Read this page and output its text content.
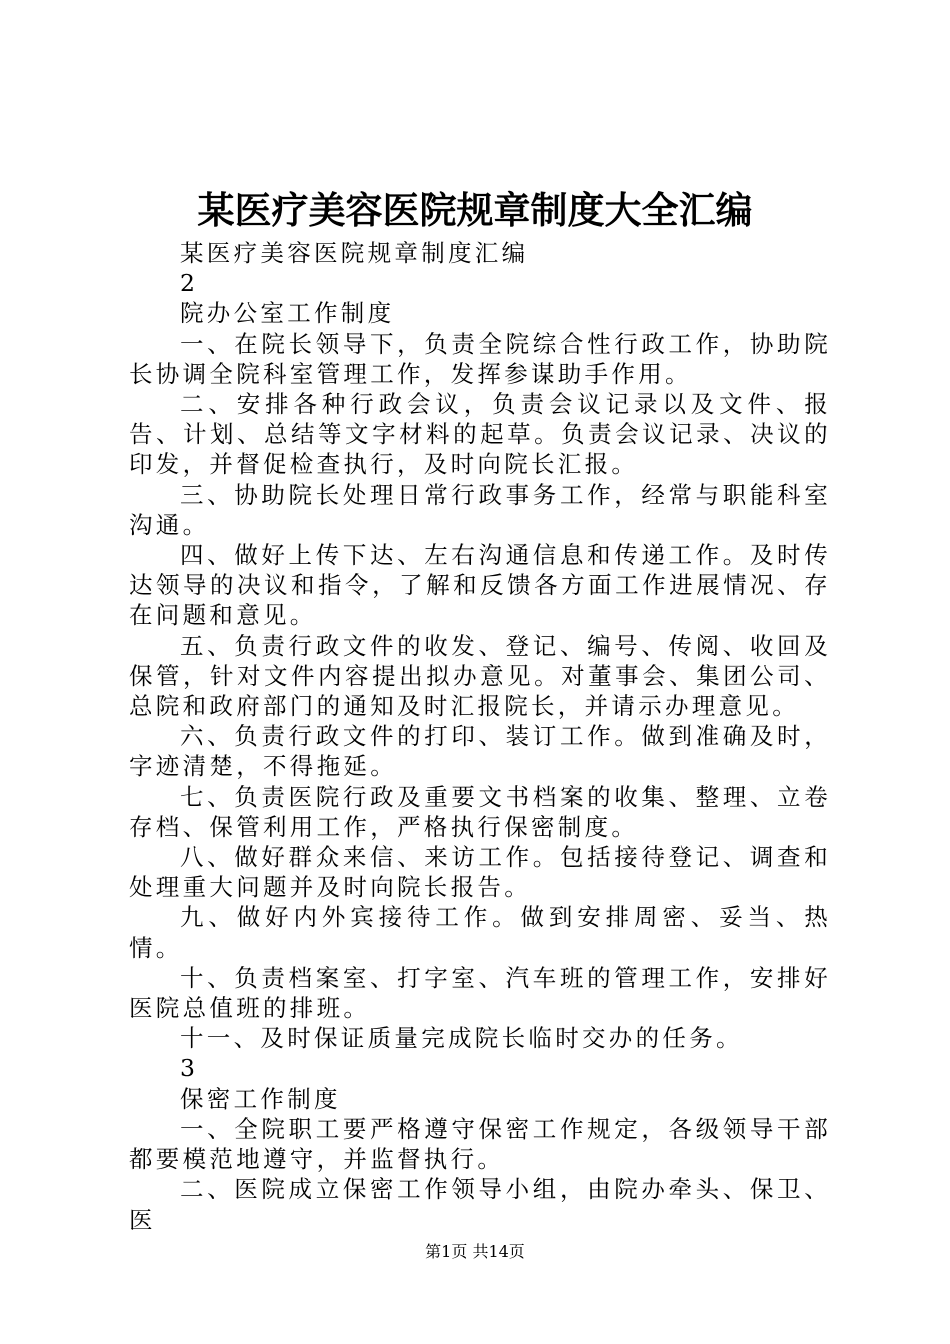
某医疗美容医院规章制度大全汇编

某医疗美容医院规章制度汇编

2

院办公室工作制度

一、在院长领导下，负责全院综合性行政工作，协助院长协调全院科室管理工作，发挥参谋助手作用。

二、安排各种行政会议，负责会议记录以及文件、报告、计划、总结等文字材料的起草。负责会议记录、决议的印发，并督促检查执行，及时向院长汇报。

三、协助院长处理日常行政事务工作，经常与职能科室沟通。

四、做好上传下达、左右沟通信息和传递工作。及时传达领导的决议和指令，了解和反馈各方面工作进展情况、存在问题和意见。

五、负责行政文件的收发、登记、编号、传阅、收回及保管，针对文件内容提出拟办意见。对董事会、集团公司、总院和政府部门的通知及时汇报院长，并请示办理意见。

六、负责行政文件的打印、装订工作。做到准确及时，字迹清楚，不得拖延。

七、负责医院行政及重要文书档案的收集、整理、立卷存档、保管利用工作，严格执行保密制度。

八、做好群众来信、来访工作。包括接待登记、调查和处理重大问题并及时向院长报告。

九、做好内外宾接待工作。做到安排周密、妥当、热情。

十、负责档案室、打字室、汽车班的管理工作，安排好医院总值班的排班。

十一、及时保证质量完成院长临时交办的任务。

3

保密工作制度

一、全院职工要严格遵守保密工作规定，各级领导干部都要模范地遵守，并监督执行。

二、医院成立保密工作领导小组，由院办牵头、保卫、医

第1页 共14页
